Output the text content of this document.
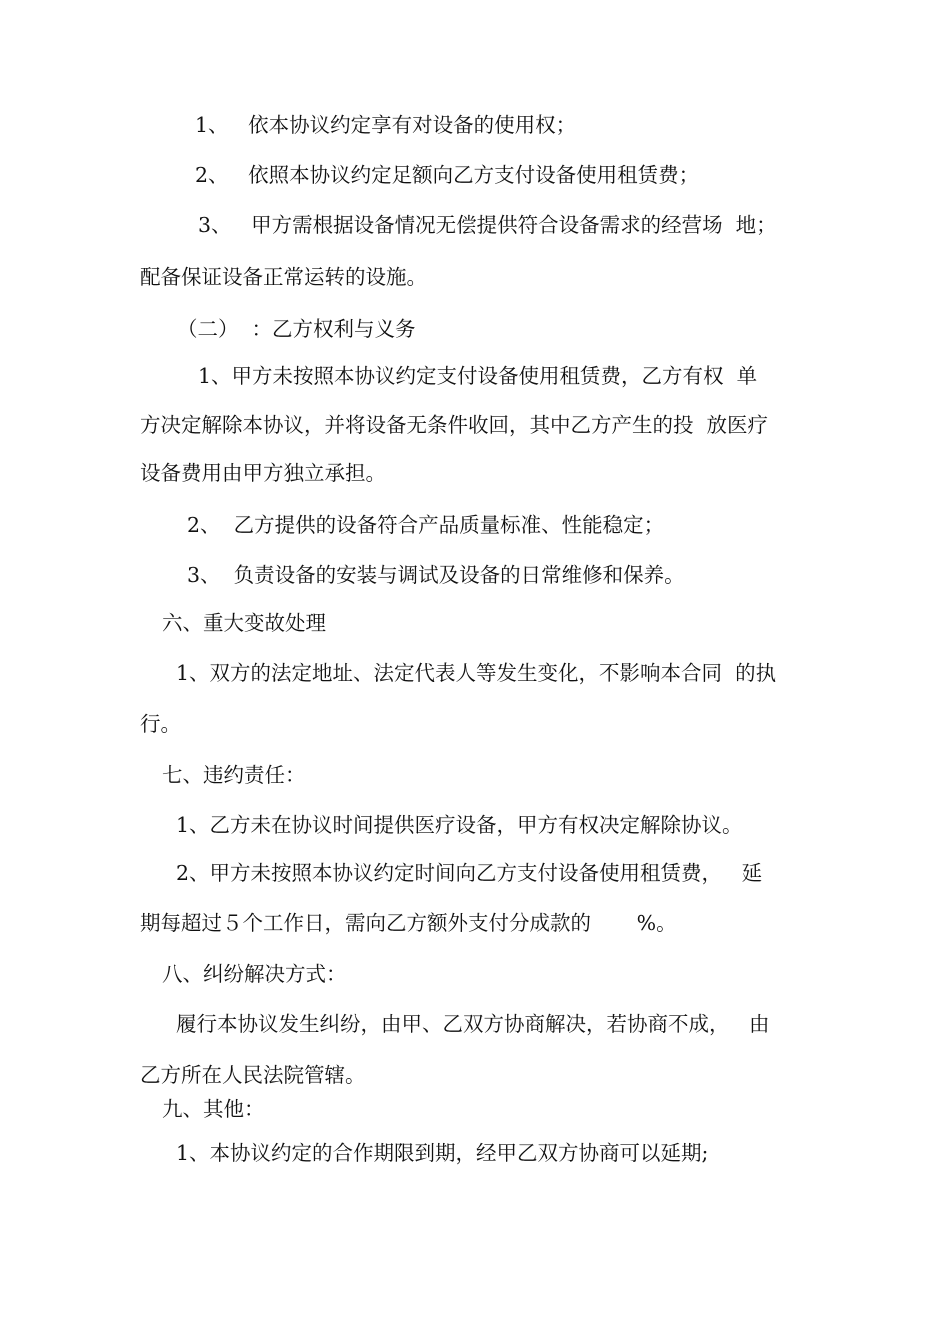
1、   依本协议约定享有对设备的使用权；
2、   依照本协议约定足额向乙方支付设备使用租赁费；
3、   甲方需根据设备情况无偿提供符合设备需求的经营场  地；
配备保证设备正常运转的设施。
（二）  ：乙方权利与义务
1、甲方未按照本协议约定支付设备使用租赁费，乙方有权  单
方决定解除本协议，并将设备无条件收回，其中乙方产生的投  放医疗
设备费用由甲方独立承担。
2、  乙方提供的设备符合产品质量标准、性能稳定；
3、  负责设备的安装与调试及设备的日常维修和保养。
六、重大变故处理
1、双方的法定地址、法定代表人等发生变化，不影响本合同  的执
行。
七、违约责任：
1、乙方未在协议时间提供医疗设备，甲方有权决定解除协议。
2、甲方未按照本协议约定时间向乙方支付设备使用租赁费，   延
期每超过５个工作日，需向乙方额外支付分成款的       %。
八、纠纷解决方式：
履行本协议发生纠纷，由甲、乙双方协商解决，若协商不成，   由
乙方所在人民法院管辖。
九、其他：
1、本协议约定的合作期限到期，经甲乙双方协商可以延期;
